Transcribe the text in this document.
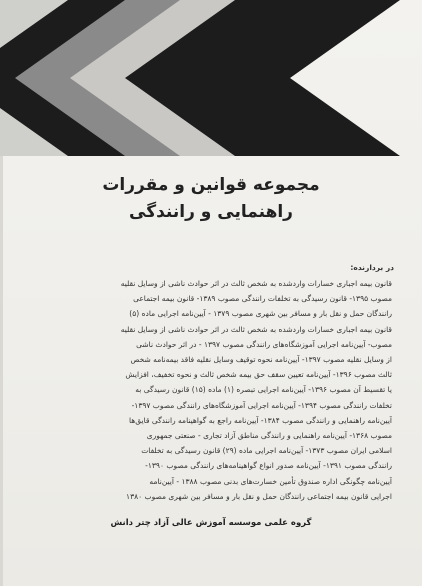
مجموعه قوانین و مقررات
راهنمایی و رانندگی
در بردارنده:
قانون بیمه اجباری خسارات واردشده به شخص ثالث در اثر حوادث ناشی از وسایل نقلیه
مصوب ۱۳۹۵- قانون رسیدگی به تخلفات رانندگی مصوب ۱۳۸۹- قانون بیمه اجتماعی
رانندگان حمل و نقل بار و مسافر بین شهری مصوب ۱۳۷۹ - آیین‌نامه اجرایی ماده (۵)
قانون بیمه اجباری خسارات واردشده به شخص ثالث در اثر حوادث ناشی از وسایل نقلیه
مصوب- آیین‌نامه اجرایی آموزشگاه‌های رانندگی مصوب ۱۳۹۷ - در اثر حوادث ناشی
از وسایل نقلیه مصوب ۱۳۹۷- آیین‌نامه نحوه توقیف وسایل نقلیه فاقد بیمه‌نامه شخص
ثالث مصوب ۱۳۹۶- آیین‌نامه تعیین سقف حق بیمه شخص ثالث و نحوه تخفیف، افزایش
یا تقسیط آن مصوب ۱۳۹۶- آیین‌نامه اجرایی تبصره (۱) ماده (۱۵) قانون رسیدگی به
تخلفات رانندگی مصوب ۱۳۹۴- آیین‌نامه اجرایی آموزشگاه‌های رانندگی مصوب ۱۳۹۷-
آیین‌نامه راهنمایی و رانندگی مصوب ۱۳۸۴- آیین‌نامه راجع به گواهینامه رانندگی قایق‌ها
مصوب ۱۳۶۸- آیین‌نامه راهنمایی و رانندگی مناطق آزاد تجاری - صنعتی جمهوری
اسلامی ایران مصوب ۱۳۷۳- آیین‌نامه اجرایی ماده (۲۹) قانون رسیدگی به تخلفات
رانندگی مصوب ۱۳۹۱- آیین‌نامه صدور انواع گواهینامه‌های رانندگی مصوب ۱۳۹۰-
آیین‌نامه چگونگی اداره صندوق تأمین خسارت‌های بدنی مصوب ۱۳۸۸ - آیین‌نامه
اجرایی قانون بیمه اجتماعی رانندگان حمل و نقل بار و مسافر بین شهری مصوب ۱۳۸۰
گروه علمی موسسه آموزش عالی آزاد چتر دانش
